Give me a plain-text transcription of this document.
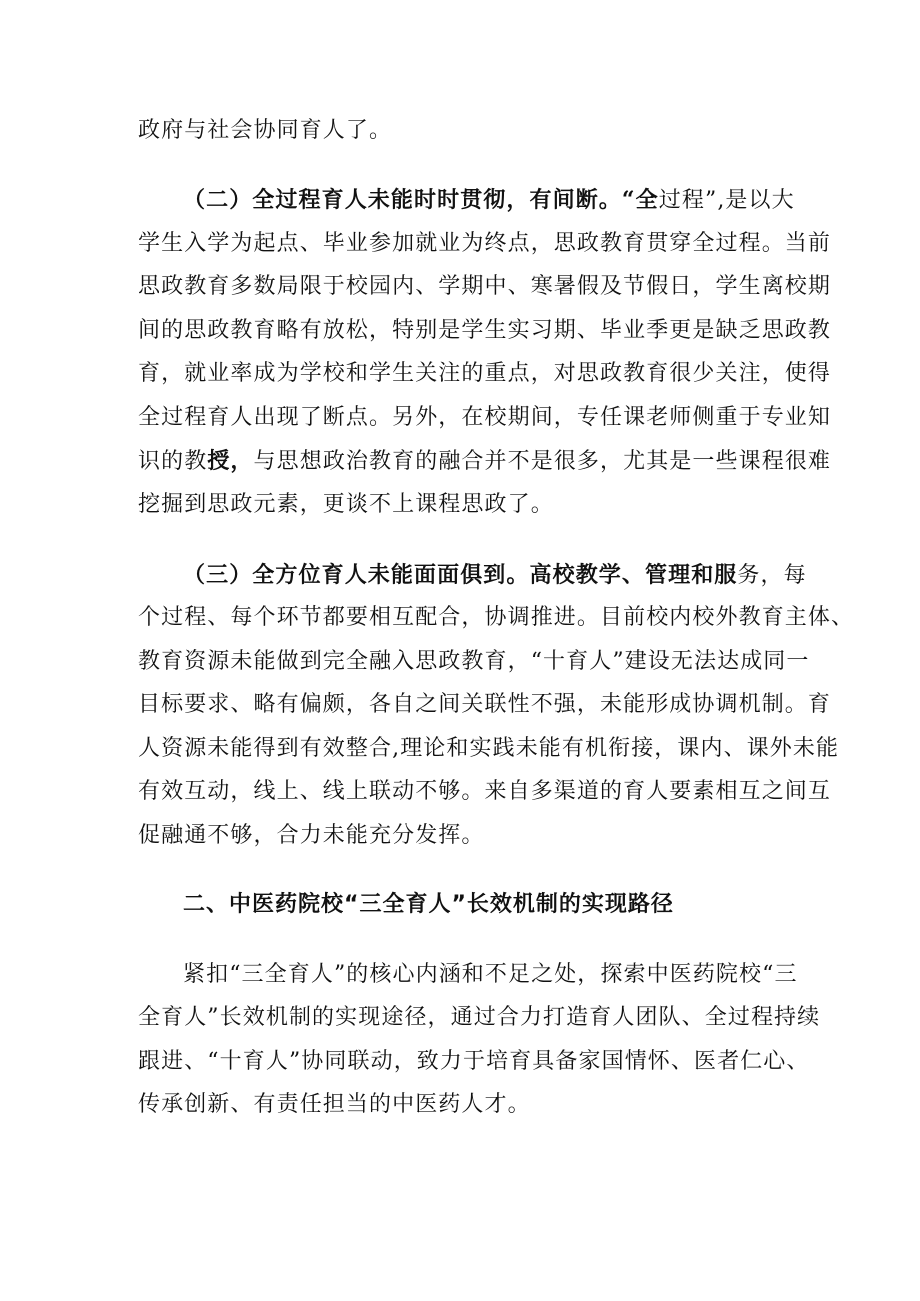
政府与社会协同育人了。
（二）全过程育人未能时时贯彻，有间断。“全过程”,是以大
学生入学为起点、毕业参加就业为终点，思政教育贯穿全过程。当前
思政教育多数局限于校园内、学期中、寒暑假及节假日，学生离校期
间的思政教育略有放松，特别是学生实习期、毕业季更是缺乏思政教
育，就业率成为学校和学生关注的重点，对思政教育很少关注，使得
全过程育人出现了断点。另外，在校期间，专任课老师侧重于专业知
识的教授，与思想政治教育的融合并不是很多，尤其是一些课程很难
挖掘到思政元素，更谈不上课程思政了。
（三）全方位育人未能面面俱到。高校教学、管理和服务，每
个过程、每个环节都要相互配合，协调推进。目前校内校外教育主体、
教育资源未能做到完全融入思政教育，“十育人”建设无法达成同一
目标要求、略有偏颇，各自之间关联性不强，未能形成协调机制。育
人资源未能得到有效整合,理论和实践未能有机衔接，课内、课外未能
有效互动，线上、线上联动不够。来自多渠道的育人要素相互之间互
促融通不够，合力未能充分发挥。
二、中医药院校“三全育人”长效机制的实现路径
紧扣“三全育人”的核心内涵和不足之处，探索中医药院校“三
全育人”长效机制的实现途径，通过合力打造育人团队、全过程持续
跟进、“十育人”协同联动，致力于培育具备家国情怀、医者仁心、
传承创新、有责任担当的中医药人才。
